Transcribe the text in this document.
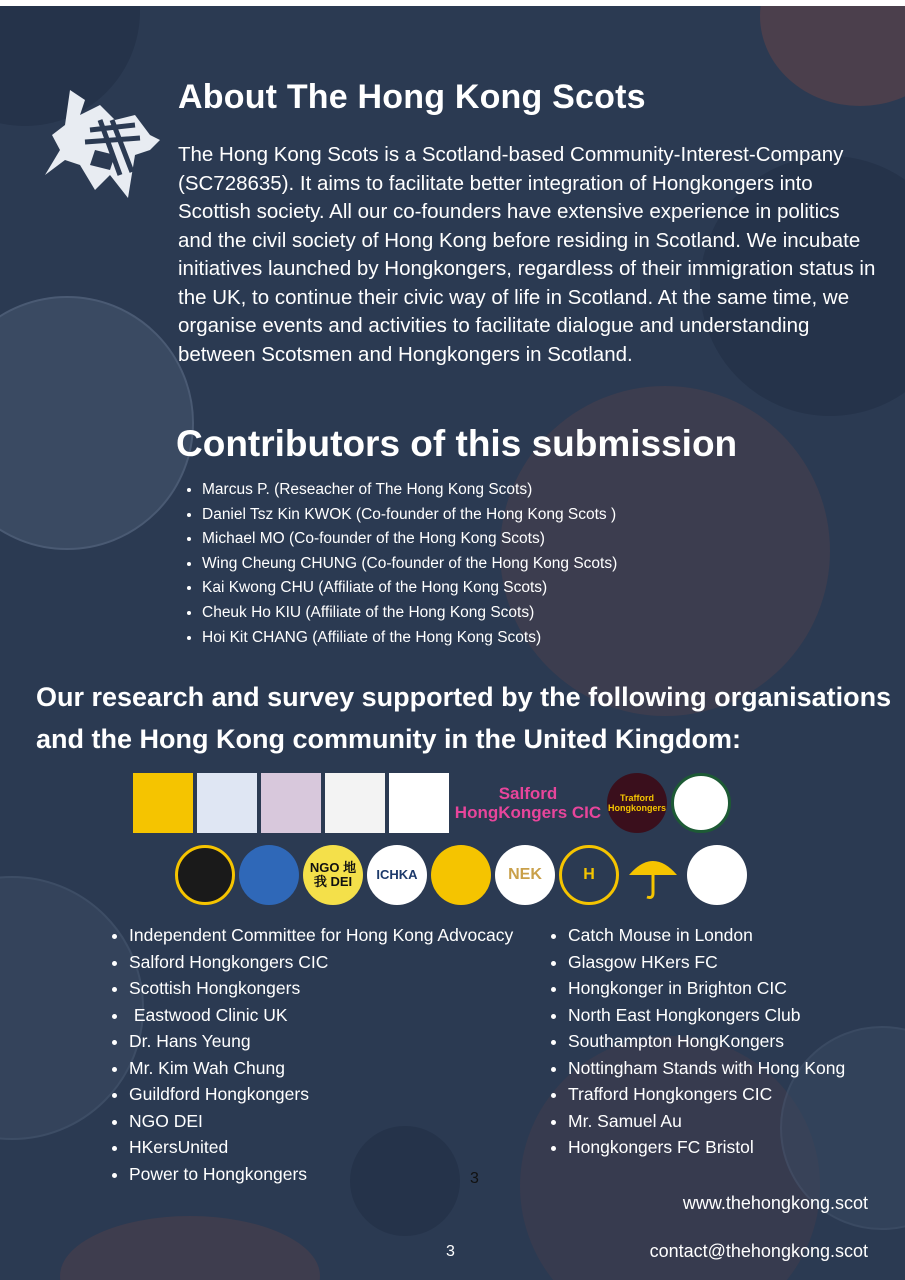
About The Hong Kong Scots

The Hong Kong Scots is a Scotland-based Community-Interest-Company (SC728635). It aims to facilitate better integration of Hongkongers into Scottish society. All our co-founders have extensive experience in politics and the civil society of Hong Kong before residing in Scotland. We incubate initiatives launched by Hongkongers, regardless of their immigration status in the UK, to continue their civic way of life in Scotland. At the same time, we organise events and activities to facilitate dialogue and understanding between Scotsmen and Hongkongers in Scotland.

Contributors of this submission
• Marcus P. (Reseacher of The Hong Kong Scots)
• Daniel Tsz Kin KWOK (Co-founder of the Hong Kong Scots )
• Michael MO (Co-founder of the Hong Kong Scots)
• Wing Cheung CHUNG (Co-founder of the Hong Kong Scots)
• Kai Kwong CHU (Affiliate of the Hong Kong Scots)
• Cheuk Ho KIU (Affiliate of the Hong Kong Scots)
• Hoi Kit CHANG (Affiliate of the Hong Kong Scots)
Our research and survey supported by the following organisations and the Hong Kong community in the United Kingdom:
Salford HongKongers CIC
Trafford Hongkongers
NGO 地 我 DEI	ICHKA	NEK	H
• Independent Committee for Hong Kong Advocacy
• Salford Hongkongers CIC
• Scottish Hongkongers
•  Eastwood Clinic UK
• Dr. Hans Yeung
• Mr. Kim Wah Chung
• Guildford Hongkongers
• NGO DEI
• HKersUnited
• Power to Hongkongers
• Catch Mouse in London
• Glasgow HKers FC
• Hongkonger in Brighton CIC
• North East Hongkongers Club
• Southampton HongKongers
• Nottingham Stands with Hong Kong
• Trafford Hongkongers CIC
• Mr. Samuel Au
• Hongkongers FC Bristol
3
www.thehongkong.scot
3	contact@thehongkong.scot
